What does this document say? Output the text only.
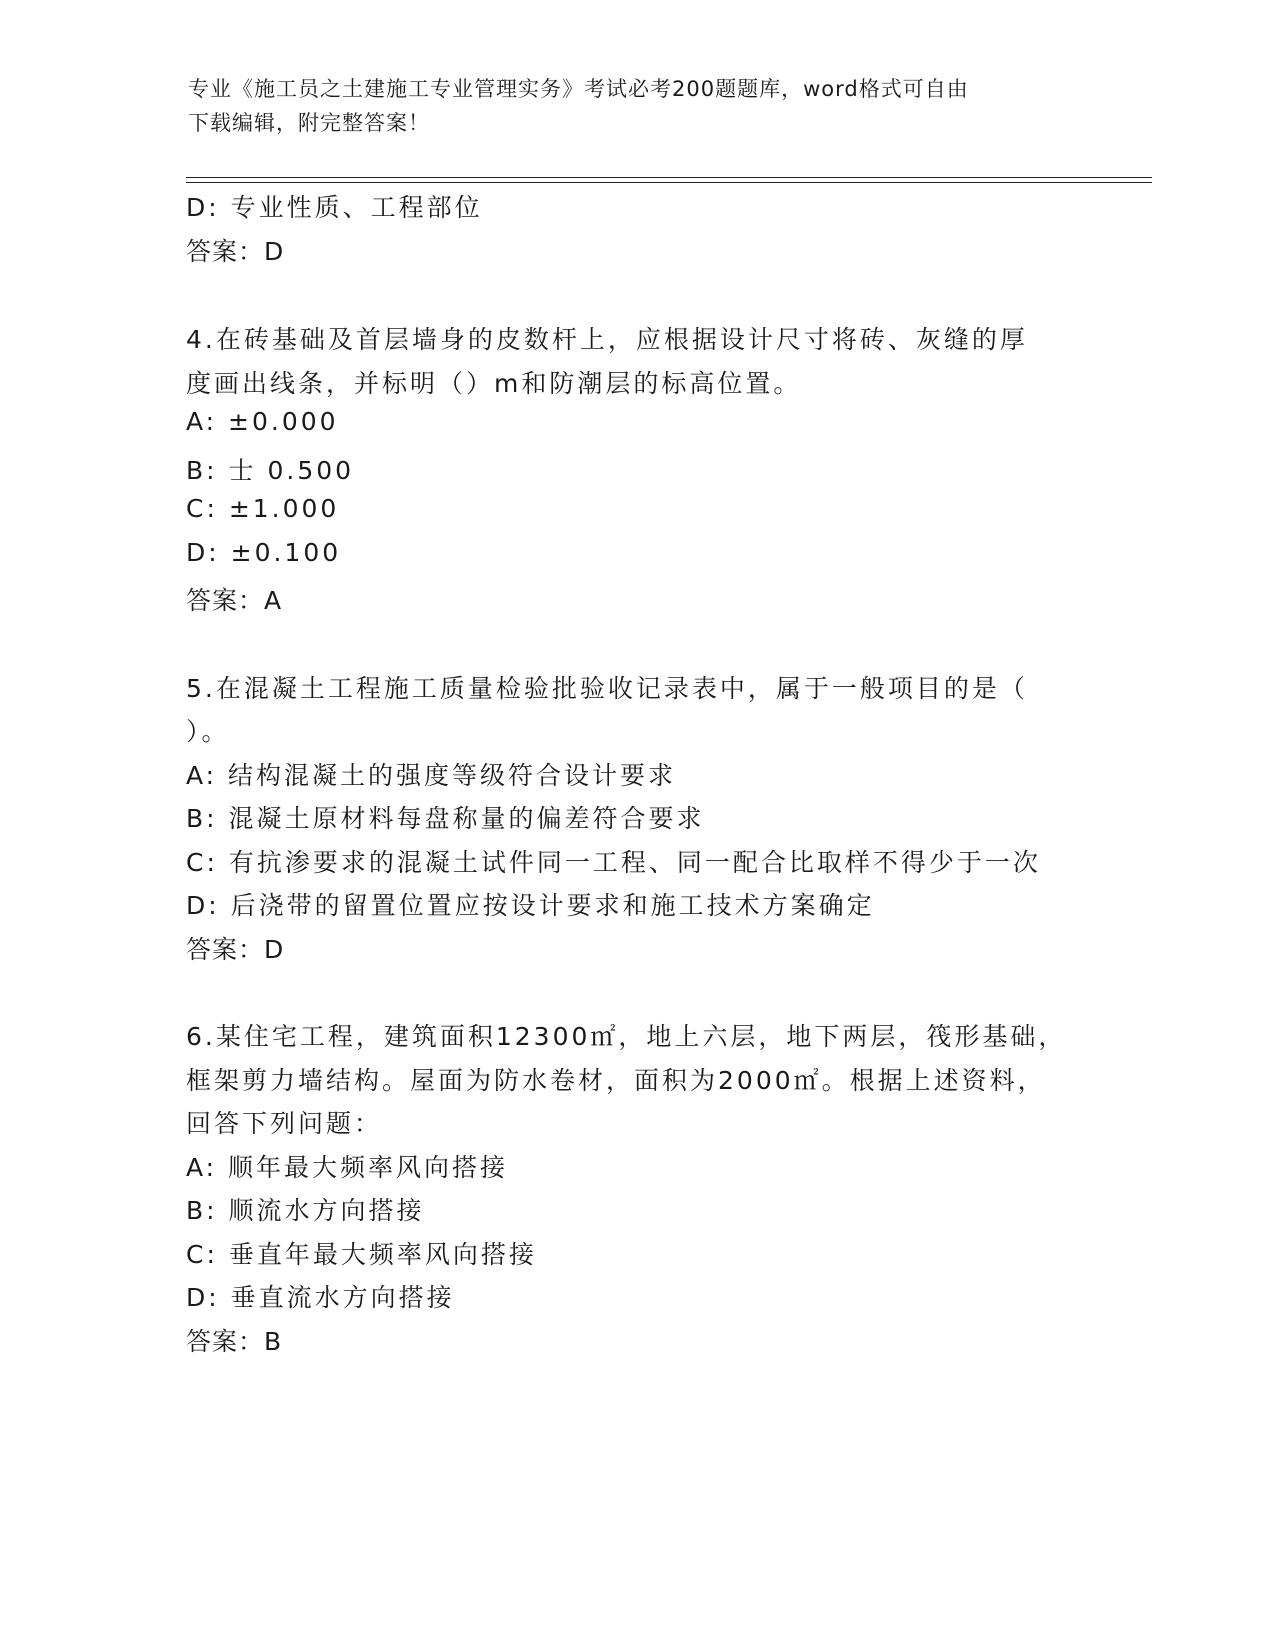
专业《施工员之土建施工专业管理实务》考试必考200题题库，word格式可自由
下载编辑，附完整答案！
D: 专业性质、工程部位
答案：D
4.在砖基础及首层墙身的皮数杆上，应根据设计尺寸将砖、灰缝的厚
度画出线条，并标明（）m和防潮层的标高位置。
A: ±0.000
B: 士 0.500
C: ±1.000
D: ±0.100
答案：A
5.在混凝土工程施工质量检验批验收记录表中，属于一般项目的是（
）。
A: 结构混凝土的强度等级符合设计要求
B: 混凝土原材料每盘称量的偏差符合要求
C: 有抗渗要求的混凝土试件同一工程、同一配合比取样不得少于一次
D: 后浇带的留置位置应按设计要求和施工技术方案确定
答案：D
6.某住宅工程，建筑面积12300㎡，地上六层，地下两层，筏形基础，
框架剪力墙结构。屋面为防水卷材，面积为2000㎡。根据上述资料，
回答下列问题：
A: 顺年最大频率风向搭接
B: 顺流水方向搭接
C: 垂直年最大频率风向搭接
D: 垂直流水方向搭接
答案：B
